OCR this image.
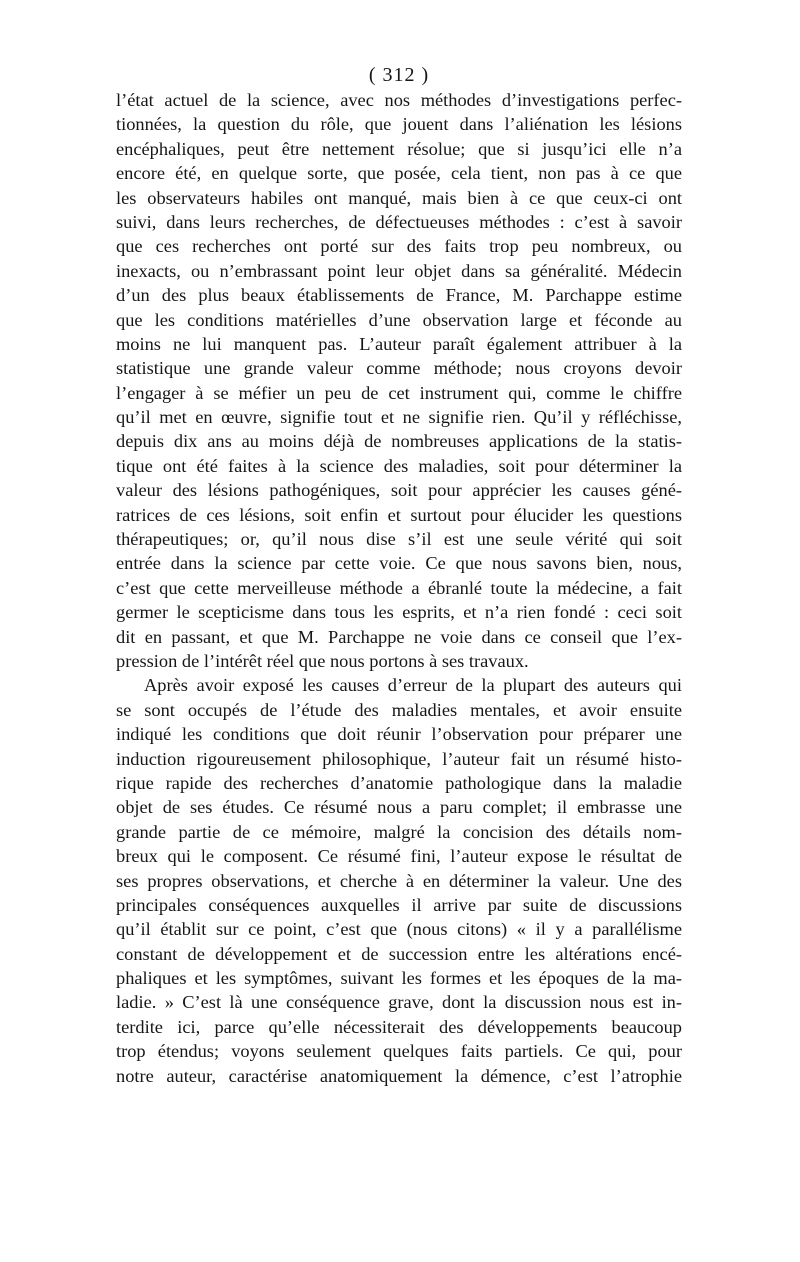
( 312 )
l’état actuel de la science, avec nos méthodes d’investigations perfec-
tionnées, la question du rôle, que jouent dans l’aliénation les lésions
encéphaliques, peut être nettement résolue; que si jusqu’ici elle n’a
encore été, en quelque sorte, que posée, cela tient, non pas à ce que
les observateurs habiles ont manqué, mais bien à ce que ceux-ci ont
suivi, dans leurs recherches, de défectueuses méthodes : c’est à savoir
que ces recherches ont porté sur des faits trop peu nombreux, ou
inexacts, ou n’embrassant point leur objet dans sa généralité. Médecin
d’un des plus beaux établissements de France, M. Parchappe estime
que les conditions matérielles d’une observation large et féconde au
moins ne lui manquent pas. L’auteur paraît également attribuer à la
statistique une grande valeur comme méthode; nous croyons devoir
l’engager à se méfier un peu de cet instrument qui, comme le chiffre
qu’il met en œuvre, signifie tout et ne signifie rien. Qu’il y réfléchisse,
depuis dix ans au moins déjà de nombreuses applications de la statis-
tique ont été faites à la science des maladies, soit pour déterminer la
valeur des lésions pathogéniques, soit pour apprécier les causes géné-
ratrices de ces lésions, soit enfin et surtout pour élucider les questions
thérapeutiques; or, qu’il nous dise s’il est une seule vérité qui soit
entrée dans la science par cette voie. Ce que nous savons bien, nous,
c’est que cette merveilleuse méthode a ébranlé toute la médecine, a fait
germer le scepticisme dans tous les esprits, et n’a rien fondé : ceci soit
dit en passant, et que M. Parchappe ne voie dans ce conseil que l’ex-
pression de l’intérêt réel que nous portons à ses travaux.
Après avoir exposé les causes d’erreur de la plupart des auteurs qui
se sont occupés de l’étude des maladies mentales, et avoir ensuite
indiqué les conditions que doit réunir l’observation pour préparer une
induction rigoureusement philosophique, l’auteur fait un résumé histo-
rique rapide des recherches d’anatomie pathologique dans la maladie
objet de ses études. Ce résumé nous a paru complet; il embrasse une
grande partie de ce mémoire, malgré la concision des détails nom-
breux qui le composent. Ce résumé fini, l’auteur expose le résultat de
ses propres observations, et cherche à en déterminer la valeur. Une des
principales conséquences auxquelles il arrive par suite de discussions
qu’il établit sur ce point, c’est que (nous citons) « il y a parallélisme
constant de développement et de succession entre les altérations encé-
phaliques et les symptômes, suivant les formes et les époques de la ma-
ladie. » C’est là une conséquence grave, dont la discussion nous est in-
terdite ici, parce qu’elle nécessiterait des développements beaucoup
trop étendus; voyons seulement quelques faits partiels. Ce qui, pour
notre auteur, caractérise anatomiquement la démence, c’est l’atrophie
